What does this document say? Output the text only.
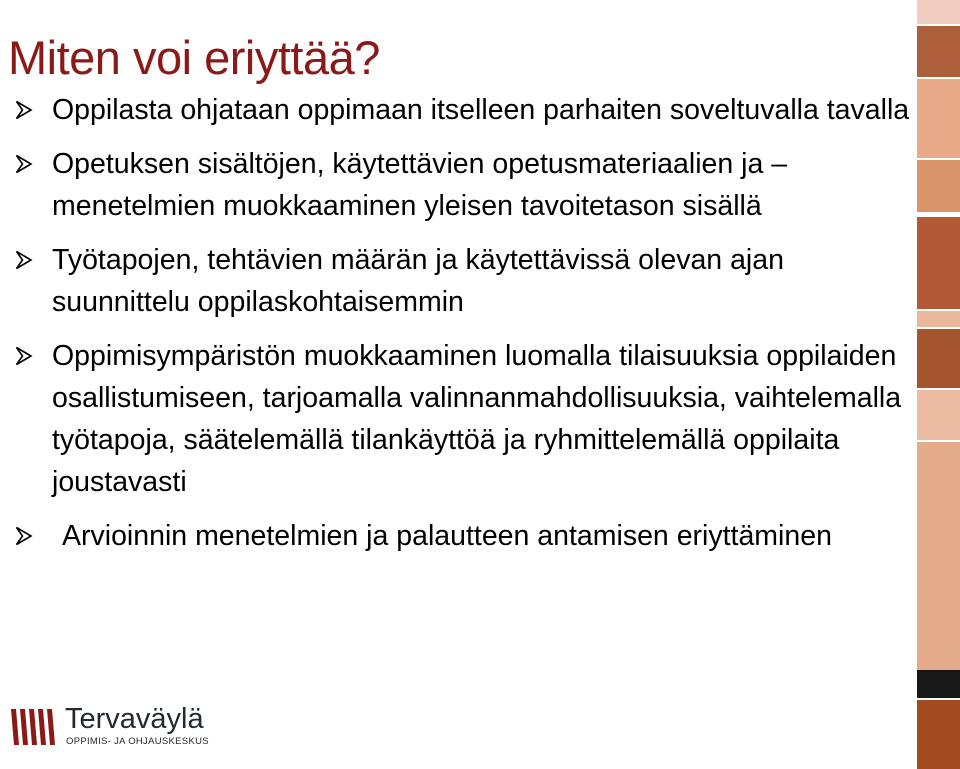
Miten voi eriyttää?
Oppilasta ohjataan oppimaan itselleen parhaiten soveltuvalla tavalla
Opetuksen sisältöjen, käytettävien opetusmateriaalien ja –menetelmien muokkaaminen yleisen tavoitetason sisällä
Työtapojen, tehtävien määrän ja käytettävissä olevan ajan suunnittelu oppilaskohtaisemmin
Oppimisympäristön muokkaaminen luomalla tilaisuuksia oppilaiden osallistumiseen, tarjoamalla valinnanmahdollisuuksia, vaihtelemalla työtapoja, säätelemällä tilankäyttöä ja ryhmittelemällä oppilaita joustavasti
Arvioinnin menetelmien ja palautteen antamisen eriyttäminen
Tervaväylä
OPPIMIS- JA OHJAUSKESKUS
